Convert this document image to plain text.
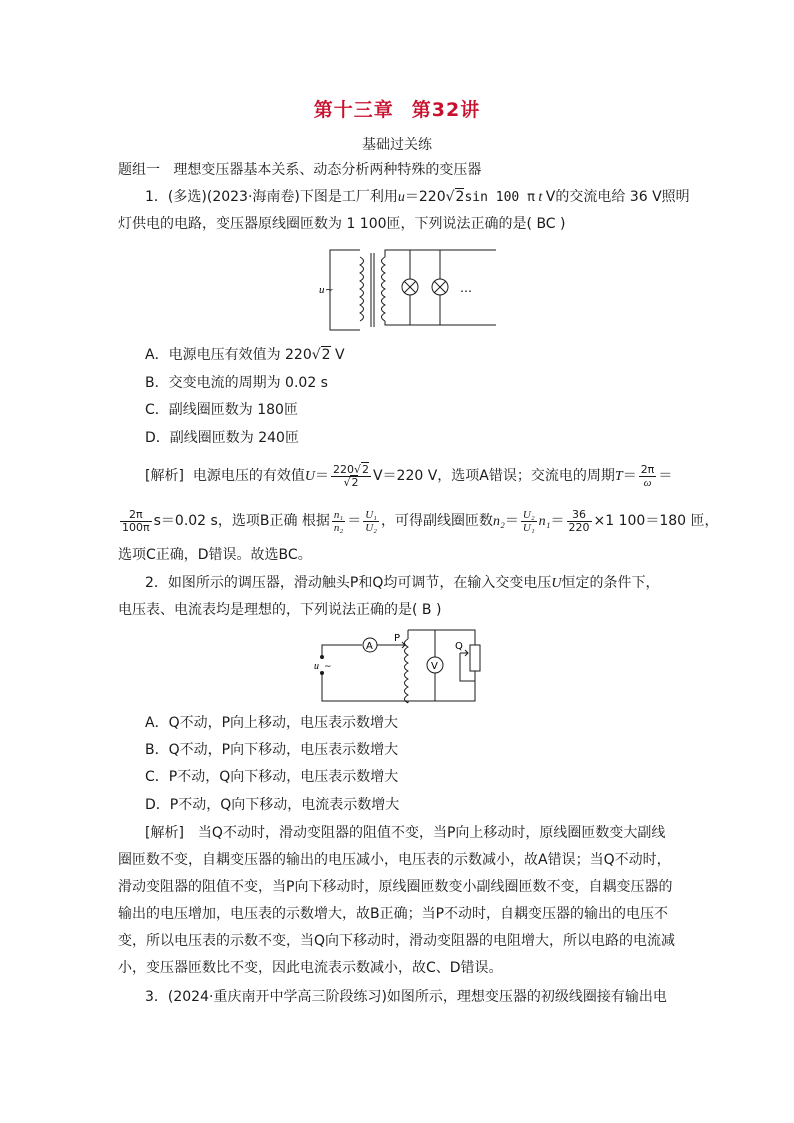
第十三章 第32讲
基础过关练
题组一 理想变压器基本关系、动态分析两种特殊的变压器
1．(多选)(2023·海南卷)下图是工厂利用u＝220√2sin 100 π t V的交流电给 36 V照明
灯供电的电路，变压器原线圈匝数为 1 100匝，下列说法正确的是( BC )
u ~	…
A．电源电压有效值为 220√2 V
B．交变电流的周期为 0.02 s
C．副线圈匝数为 180匝
D．副线圈匝数为 240匝
[解析] 电源电压的有效值$U= \frac{220√2}{√2} V=220$ V，选项A错误；交流电的周期$T= \frac{2\pi}{\omega}$ ＝
$\frac{2\pi}{100\pi} s=0.02$ s，选项B正确 根据 $\frac{\text{n₁}}{\text{n₂}} = \frac{\text{U₁}}{\text{U₂}}$ ，可得副线圈匝数$n_2= \frac{\text{U₂}}{\text{U₁}} n_1= \frac{36}{220} \times 1$ 100＝180 匝，
选项C正确，D错误。故选BC。
2．如图所示的调压器，滑动触头P和Q均可调节，在输入交变电压U恒定的条件下，
电压表、电流表均是理想的，下列说法正确的是( B )
A
V
P
Q
u ~
A．Q不动，P向上移动，电压表示数增大
B．Q不动，P向下移动，电压表示数增大
C．P不动，Q向下移动，电压表示数增大
D．P不动，Q向下移动，电流表示数增大
[解析]　当Q不动时，滑动变阻器的阻值不变，当P向上移动时，原线圈匝数变大副线
圈匝数不变，自耦变压器的输出的电压减小，电压表的示数减小，故A错误；当Q不动时，
滑动变阻器的阻值不变，当P向下移动时，原线圈匝数变小副线圈匝数不变，自耦变压器的
输出的电压增加，电压表的示数增大，故B正确；当P不动时，自耦变压器的输出的电压不
变，所以电压表的示数不变，当Q向下移动时，滑动变阻器的电阻增大，所以电路的电流减
小，变压器匝数比不变，因此电流表示数减小，故C、D错误。
3．(2024·重庆南开中学高三阶段练习)如图所示，理想变压器的初级线圈接有输出电
